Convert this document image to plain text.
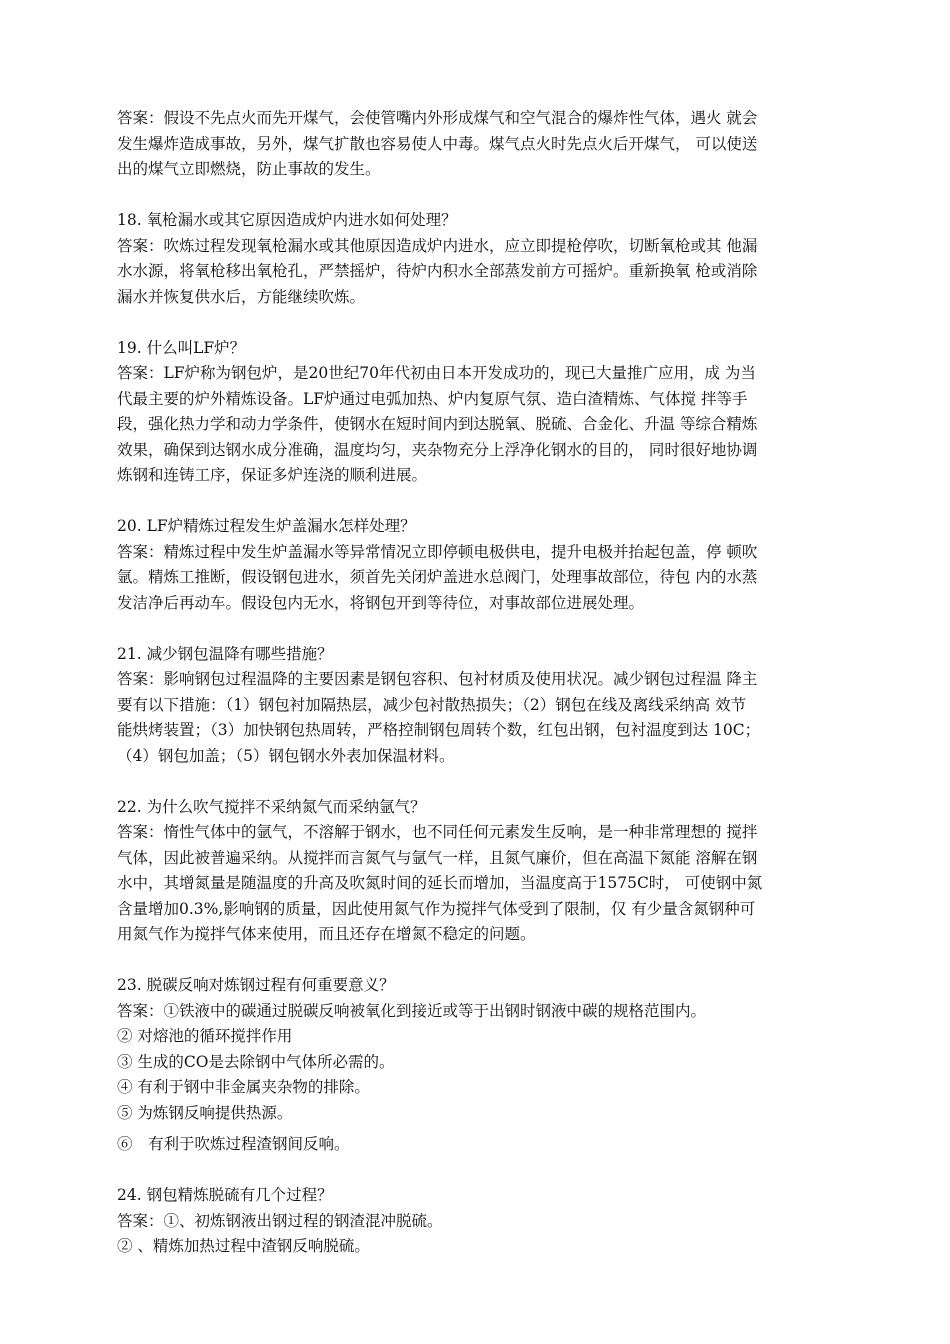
答案：假设不先点火而先开煤气，会使管嘴内外形成煤气和空气混合的爆炸性气体，遇火 就会
发生爆炸造成事故，另外，煤气扩散也容易使人中毒。煤气点火时先点火后开煤气， 可以使送
出的煤气立即燃烧，防止事故的发生。
18. 氧枪漏水或其它原因造成炉内进水如何处理？
答案：吹炼过程发现氧枪漏水或其他原因造成炉内进水，应立即提枪停吹，切断氧枪或其 他漏
水水源，将氧枪移出氧枪孔，严禁摇炉，待炉内积水全部蒸发前方可摇炉。重新换氧 枪或消除
漏水并恢复供水后，方能继续吹炼。
19. 什么叫LF炉？
答案：LF炉称为钢包炉，是20世纪70年代初由日本开发成功的，现已大量推广应用，成 为当
代最主要的炉外精炼设备。LF炉通过电弧加热、炉内复原气氛、造白渣精炼、气体搅 拌等手
段，强化热力学和动力学条件，使钢水在短时间内到达脱氧、脱硫、合金化、升温 等综合精炼
效果，确保到达钢水成分准确，温度均匀，夹杂物充分上浮净化钢水的目的， 同时很好地协调
炼钢和连铸工序，保证多炉连浇的顺利进展。
20. LF炉精炼过程发生炉盖漏水怎样处理？
答案：精炼过程中发生炉盖漏水等异常情况立即停顿电极供电，提升电极并抬起包盖，停 顿吹
氩。精炼工推断，假设钢包进水，须首先关闭炉盖进水总阀门，处理事故部位，待包 内的水蒸
发洁净后再动车。假设包内无水，将钢包开到等待位，对事故部位进展处理。
21. 减少钢包温降有哪些措施？
答案：影响钢包过程温降的主要因素是钢包容积、包衬材质及使用状况。减少钢包过程温 降主
要有以下措施：（1）钢包衬加隔热层，减少包衬散热损失；（2）钢包在线及离线采纳高 效节
能烘烤装置；（3）加快钢包热周转，严格控制钢包周转个数，红包出钢，包衬温度到达 10C；
（4）钢包加盖；（5）钢包钢水外表加保温材料。
22. 为什么吹气搅拌不采纳氮气而采纳氩气？
答案：惰性气体中的氩气，不溶解于钢水，也不同任何元素发生反响，是一种非常理想的 搅拌
气体，因此被普遍采纳。从搅拌而言氮气与氩气一样，且氮气廉价，但在高温下氮能 溶解在钢
水中，其增氮量是随温度的升高及吹氮时间的延长而增加，当温度高于1575C时， 可使钢中氮
含量增加0.3%,影响钢的质量，因此使用氮气作为搅拌气体受到了限制，仅 有少量含氮钢种可
用氮气作为搅拌气体来使用，而且还存在增氮不稳定的问题。
23. 脱碳反响对炼钢过程有何重要意义？
答案：①铁液中的碳通过脱碳反响被氧化到接近或等于出钢时钢液中碳的规格范围内。
② 对熔池的循环搅拌作用
③ 生成的CO是去除钢中气体所必需的。
④ 有利于钢中非金属夹杂物的排除。
⑤ 为炼钢反响提供热源。
⑥　有利于吹炼过程渣钢间反响。
24. 钢包精炼脱硫有几个过程？
答案：①、初炼钢液出钢过程的钢渣混冲脱硫。
② 、精炼加热过程中渣钢反响脱硫。
